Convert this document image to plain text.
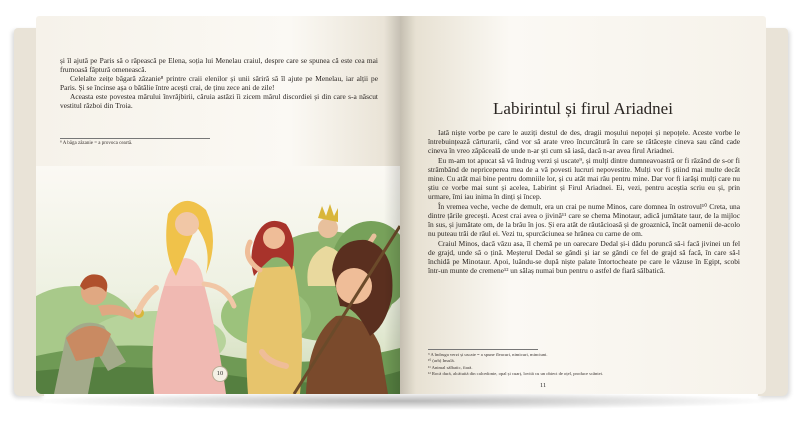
și îl ajută pe Paris să o răpească pe Elena, soția lui Menelau craiul, despre care se spunea că este cea mai frumoasă făptură omenească.

Celelalte zeițe băgară zâzanie⁸ printre craii elenilor și unii săriră să îl ajute pe Menelau, iar alții pe Paris. Și se încinse așa o bătălie între acești crai, de ținu zece ani de zile!

Aceasta este povestea mărului învrăjbirii, căruia astăzi îi zicem mărul discordiei și din care s-a născut vestitul război din Troia.

⁸ A băga zâzanie = a provoca ceartă.
10
Labirintul și firul Ariadnei

Iată niște vorbe pe care le auziți destul de des, dragii moșului nepoței și nepoțele. Aceste vorbe le întrebuințează cărturarii, când vor să arate vreo încurcătură în care se rătăcește cineva sau când cade cineva în vreo zăpăceală de unde n-ar ști cum să iasă, dacă n-ar avea firul Ariadnei.

Eu m-am tot apucat să vă îndrug verzi și uscate⁹, și mulți dintre dumneavoastră or fi râzând de s-or fi strâmbând de nepriceperea mea de a vă povesti lucruri nepovestite. Mulți vor fi știind mai multe decât mine. Cu atât mai bine pentru domniile lor, și cu atât mai rău pentru mine. Dar vor fi iarăși mulți care nu știu ce vorbe mai sunt și acelea, Labirint și Firul Ariadnei. Ei, vezi, pentru aceștia scriu eu și, prin urmare, îmi iau inima în dinți și încep.

În vremea veche, veche de demult, era un crai pe nume Minos, care domnea în ostrovul¹⁰ Creta, una dintre țările grecești. Acest crai avea o jivină¹¹ care se chema Minotaur, adică jumătate taur, de la mijloc în sus, și jumătate om, de la brâu în jos. Și era atât de răutăcioasă și de groaznică, încât oamenii de-acolo nu puteau trăi de răul ei. Vezi tu, spurcăciunea se hrănea cu carne de om.

Craiul Minos, dacă văzu asa, îl chemă pe un oarecare Dedal și-i dădu poruncă să-i facă jivinei un fel de grajd, unde să o țină. Meșterul Dedal se gândi și iar se gândi ce fel de grajd să facă, în care să-l închidă pe Minotaur. Apoi, luându-se după niște palate întortocheate pe care le văzuse în Egipt, scobi într-un munte de cremene¹² un sălaș numai bun pentru o astfel de fiară sălbatică.

⁹ A îndruga verzi și uscate = a spune fleacuri, nimicuri, minciuni.
¹⁰ (arh) Insulă.
¹¹ Animal sălbatic, fiară.
¹² Rocă dură, alcătuită din calcedonie, opal și cuarț, lovită cu un obiect de oțel, produce scântei.
11
